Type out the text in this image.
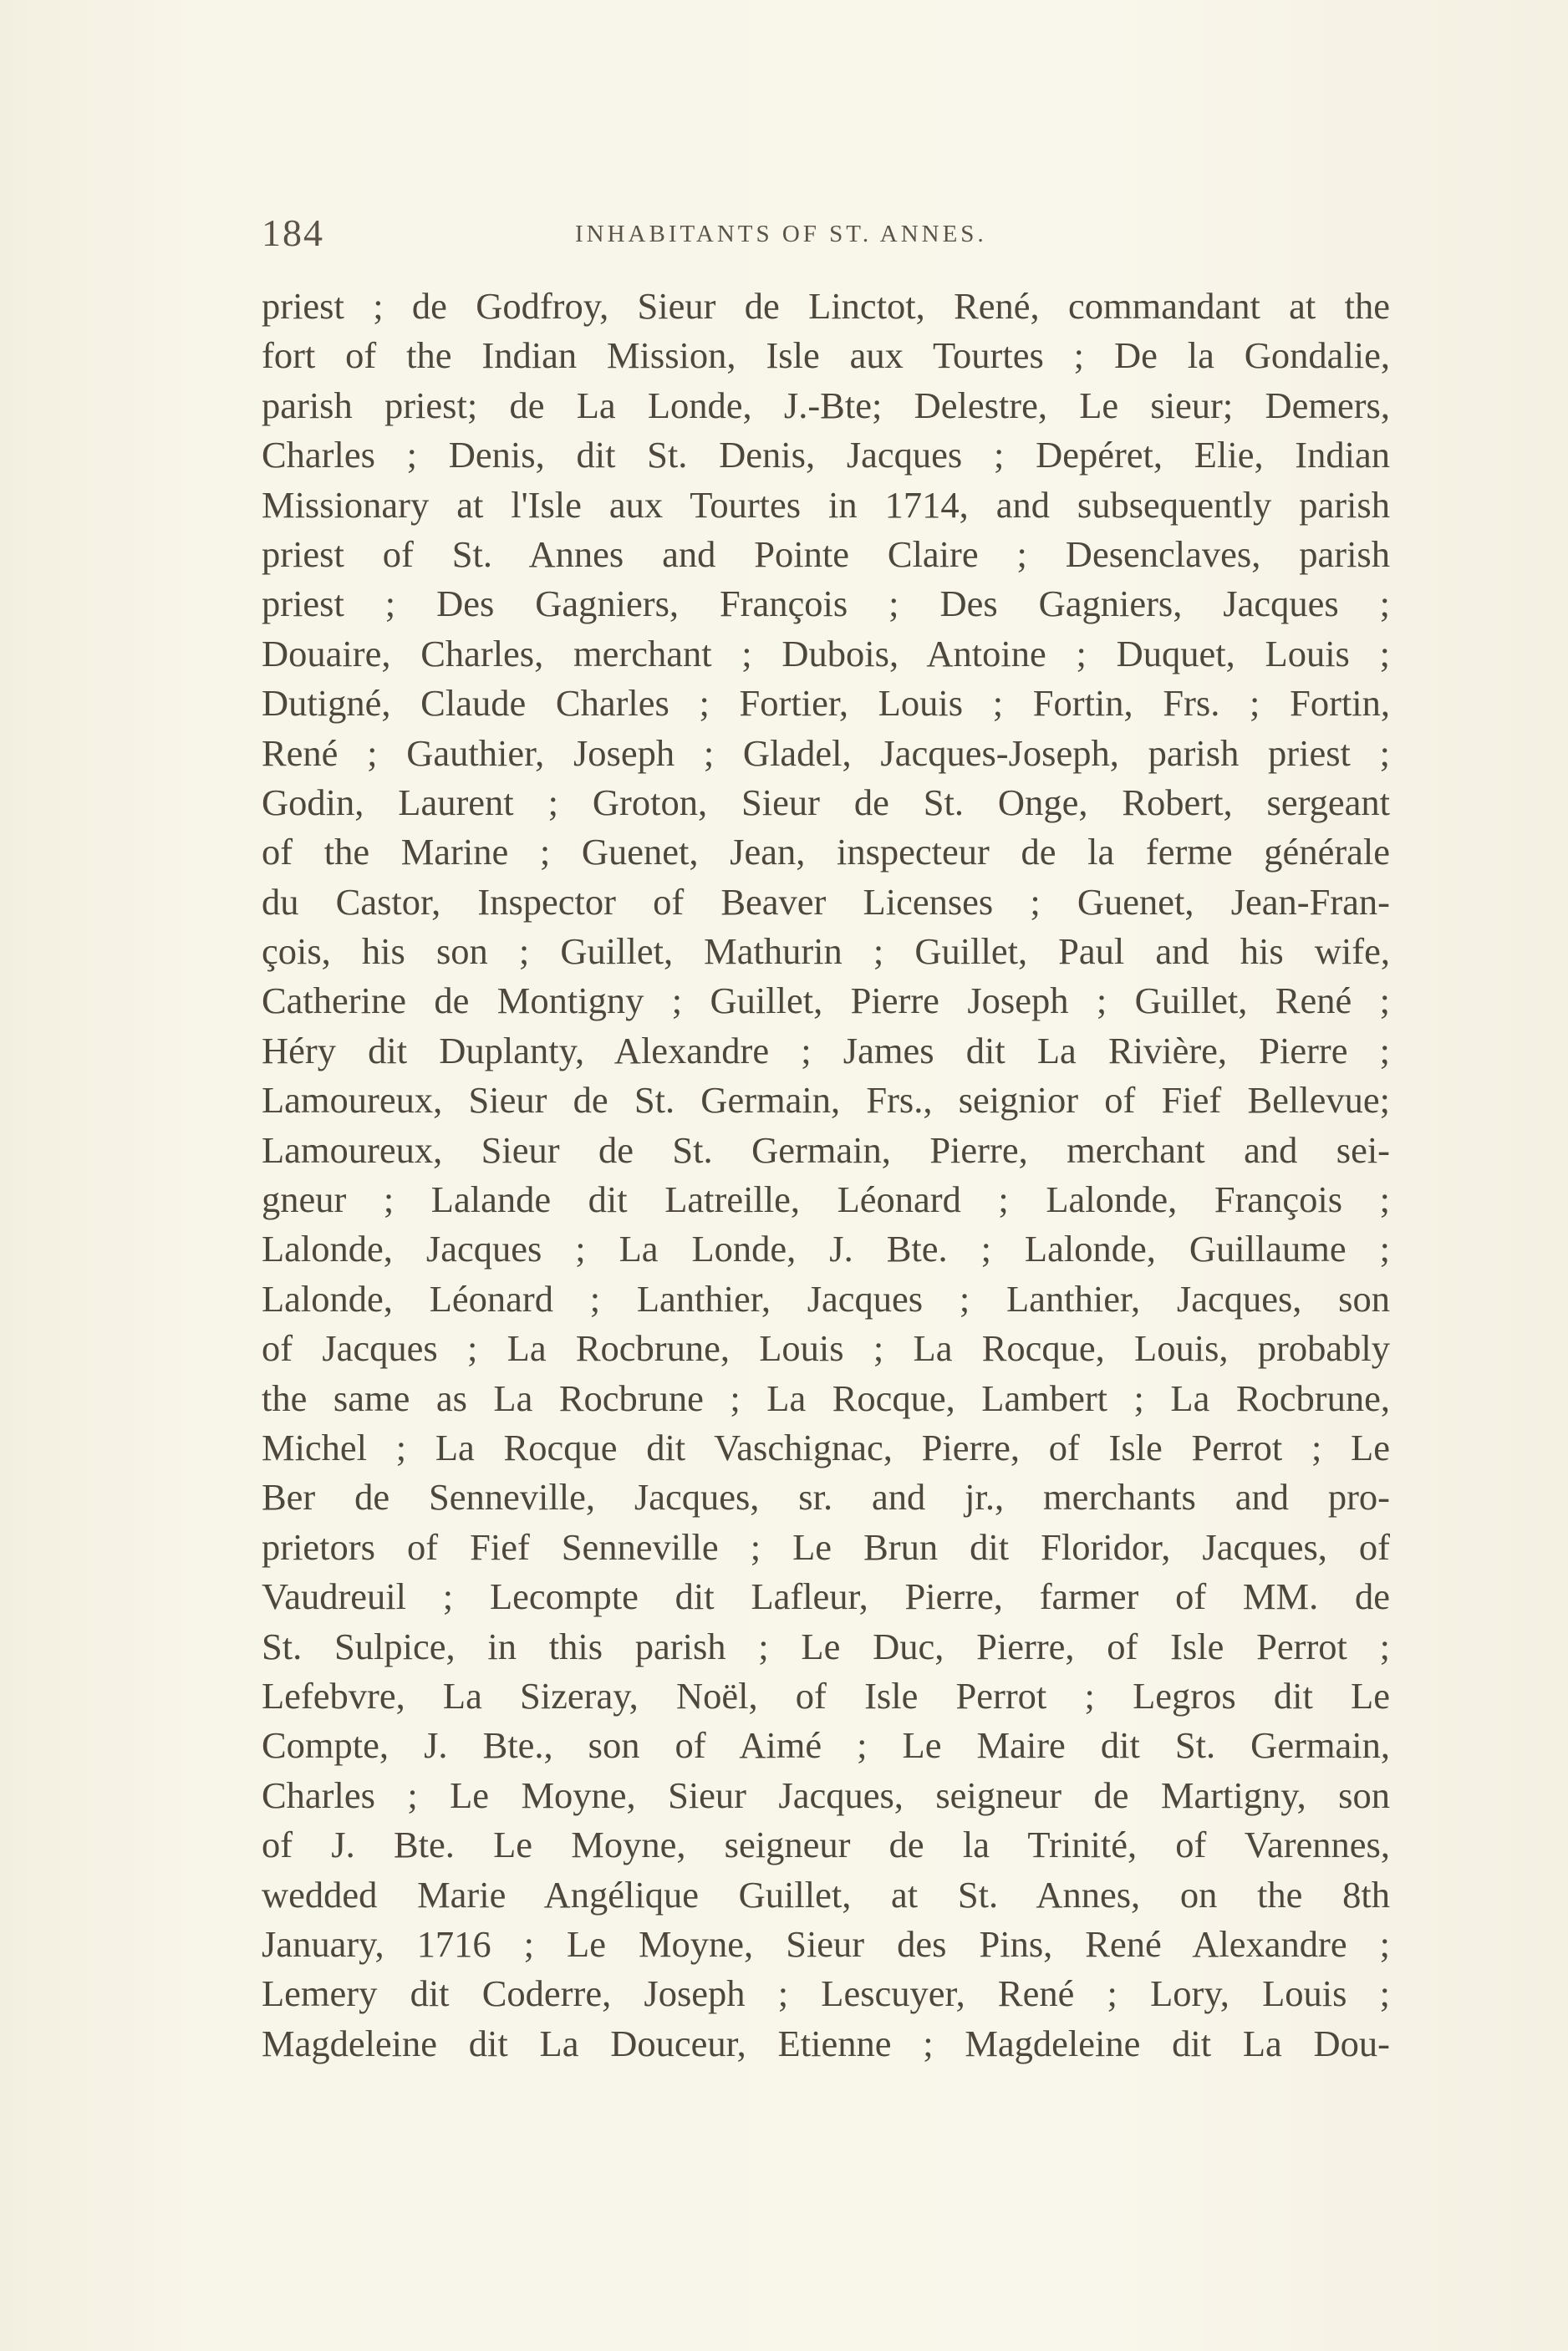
184	INHABITANTS OF ST. ANNES.
priest ; de Godfroy, Sieur de Linctot, René, commandant at the
fort of the Indian Mission, Isle aux Tourtes ; De la Gondalie,
parish priest; de La Londe, J.-Bte; Delestre, Le sieur; Demers,
Charles ; Denis, dit St. Denis, Jacques ; Depéret, Elie, Indian
Missionary at l'Isle aux Tourtes in 1714, and subsequently parish
priest of St. Annes and Pointe Claire ; Desenclaves, parish
priest ; Des Gagniers, François ; Des Gagniers, Jacques ;
Douaire, Charles, merchant ; Dubois, Antoine ; Duquet, Louis ;
Dutigné, Claude Charles ; Fortier, Louis ; Fortin, Frs. ; Fortin,
René ; Gauthier, Joseph ; Gladel, Jacques-Joseph, parish priest ;
Godin, Laurent ; Groton, Sieur de St. Onge, Robert, sergeant
of the Marine ; Guenet, Jean, inspecteur de la ferme générale
du Castor, Inspector of Beaver Licenses ; Guenet, Jean-Fran-
çois, his son ; Guillet, Mathurin ; Guillet, Paul and his wife,
Catherine de Montigny ; Guillet, Pierre Joseph ; Guillet, René ;
Héry dit Duplanty, Alexandre ; James dit La Rivière, Pierre ;
Lamoureux, Sieur de St. Germain, Frs., seignior of Fief Bellevue;
Lamoureux, Sieur de St. Germain, Pierre, merchant and sei-
gneur ; Lalande dit Latreille, Léonard ; Lalonde, François ;
Lalonde, Jacques ; La Londe, J. Bte. ; Lalonde, Guillaume ;
Lalonde, Léonard ; Lanthier, Jacques ; Lanthier, Jacques, son
of Jacques ; La Rocbrune, Louis ; La Rocque, Louis, probably
the same as La Rocbrune ; La Rocque, Lambert ; La Rocbrune,
Michel ; La Rocque dit Vaschignac, Pierre, of Isle Perrot ; Le
Ber de Senneville, Jacques, sr. and jr., merchants and pro-
prietors of Fief Senneville ; Le Brun dit Floridor, Jacques, of
Vaudreuil ; Lecompte dit Lafleur, Pierre, farmer of MM. de
St. Sulpice, in this parish ; Le Duc, Pierre, of Isle Perrot ;
Lefebvre, La Sizeray, Noël, of Isle Perrot ; Legros dit Le
Compte, J. Bte., son of Aimé ; Le Maire dit St. Germain,
Charles ; Le Moyne, Sieur Jacques, seigneur de Martigny, son
of J. Bte. Le Moyne, seigneur de la Trinité, of Varennes,
wedded Marie Angélique Guillet, at St. Annes, on the 8th
January, 1716 ; Le Moyne, Sieur des Pins, René Alexandre ;
Lemery dit Coderre, Joseph ; Lescuyer, René ; Lory, Louis ;
Magdeleine dit La Douceur, Etienne ; Magdeleine dit La Dou-
